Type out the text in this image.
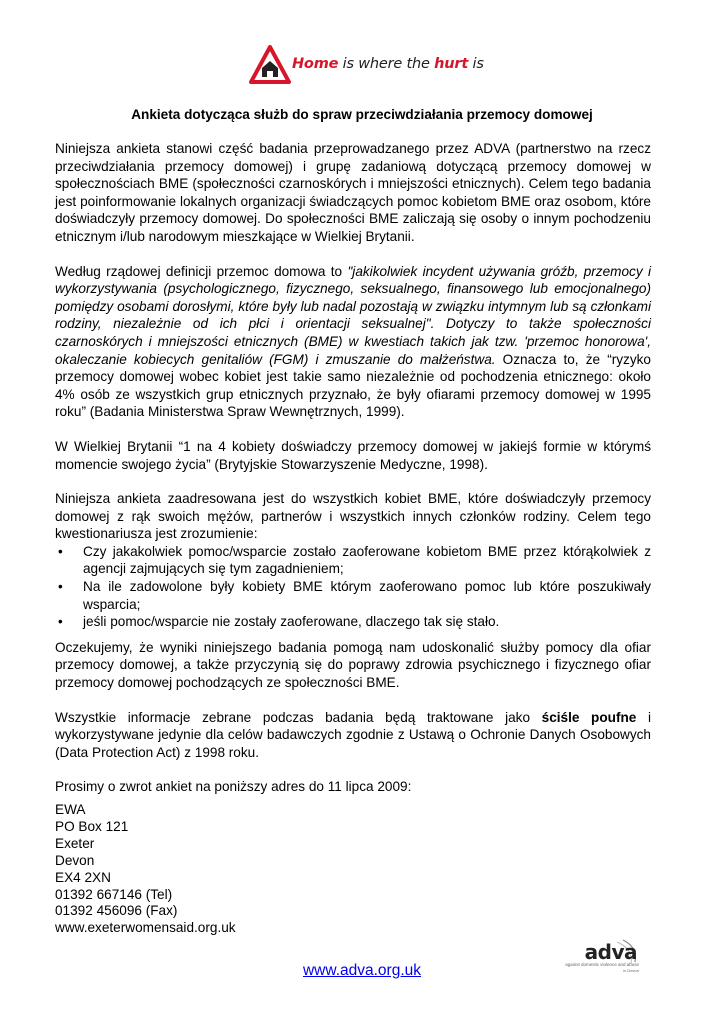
Home is where the hurt is
Ankieta dotycząca służb do spraw przeciwdziałania przemocy domowej

Niniejsza ankieta stanowi część badania przeprowadzanego przez ADVA (partnerstwo na rzecz przeciwdziałania przemocy domowej) i grupę zadaniową dotyczącą przemocy domowej w społecznościach BME (społeczności czarnoskórych i mniejszości etnicznych). Celem tego badania jest poinformowanie lokalnych organizacji świadczących pomoc kobietom BME oraz osobom, które doświadczyły przemocy domowej. Do społeczności BME zaliczają się osoby o innym pochodzeniu etnicznym i/lub narodowym mieszkające w Wielkiej Brytanii.

Według rządowej definicji przemoc domowa to "jakikolwiek incydent używania gróźb, przemocy i wykorzystywania (psychologicznego, fizycznego, seksualnego, finansowego lub emocjonalnego) pomiędzy osobami dorosłymi, które były lub nadal pozostają w związku intymnym lub są członkami rodziny, niezależnie od ich płci i orientacji seksualnej". Dotyczy to także społeczności czarnoskórych i mniejszości etnicznych (BME) w kwestiach takich jak tzw. 'przemoc honorowa', okaleczanie kobiecych genitaliów (FGM) i zmuszanie do małżeństwa. Oznacza to, że “ryzyko przemocy domowej wobec kobiet jest takie samo niezależnie od pochodzenia etnicznego: około 4% osób ze wszystkich grup etnicznych przyznało, że były ofiarami przemocy domowej w 1995 roku” (Badania Ministerstwa Spraw Wewnętrznych, 1999).

W Wielkiej Brytanii “1 na 4 kobiety doświadczy przemocy domowej w jakiejś formie w którymś momencie swojego życia” (Brytyjskie Stowarzyszenie Medyczne, 1998).

Niniejsza ankieta zaadresowana jest do wszystkich kobiet BME, które doświadczyły przemocy domowej z rąk swoich mężów, partnerów i wszystkich innych członków rodziny. Celem tego kwestionariusza jest zrozumienie:

• Czy jakakolwiek pomoc/wsparcie zostało zaoferowane kobietom BME przez którąkolwiek z agencji zajmujących się tym zagadnieniem;
• Na ile zadowolone były kobiety BME którym zaoferowano pomoc lub które poszukiwały wsparcia;
• jeśli pomoc/wsparcie nie zostały zaoferowane, dlaczego tak się stało.

Oczekujemy, że wyniki niniejszego badania pomogą nam udoskonalić służby pomocy dla ofiar przemocy domowej, a także przyczynią się do poprawy zdrowia psychicznego i fizycznego ofiar przemocy domowej pochodzących ze społeczności BME.

Wszystkie informacje zebrane podczas badania będą traktowane jako ściśle poufne i wykorzystywane jedynie dla celów badawczych zgodnie z Ustawą o Ochronie Danych Osobowych (Data Protection Act) z 1998 roku.

Prosimy o zwrot ankiet na poniższy adres do 11 lipca 2009:

EWA
PO Box 121
Exeter
Devon
EX4 2XN
01392 667146 (Tel)
01392 456096 (Fax)
www.exeterwomensaid.org.uk
adva
against domestic violence and abuse
in Devon
www.adva.org.uk
